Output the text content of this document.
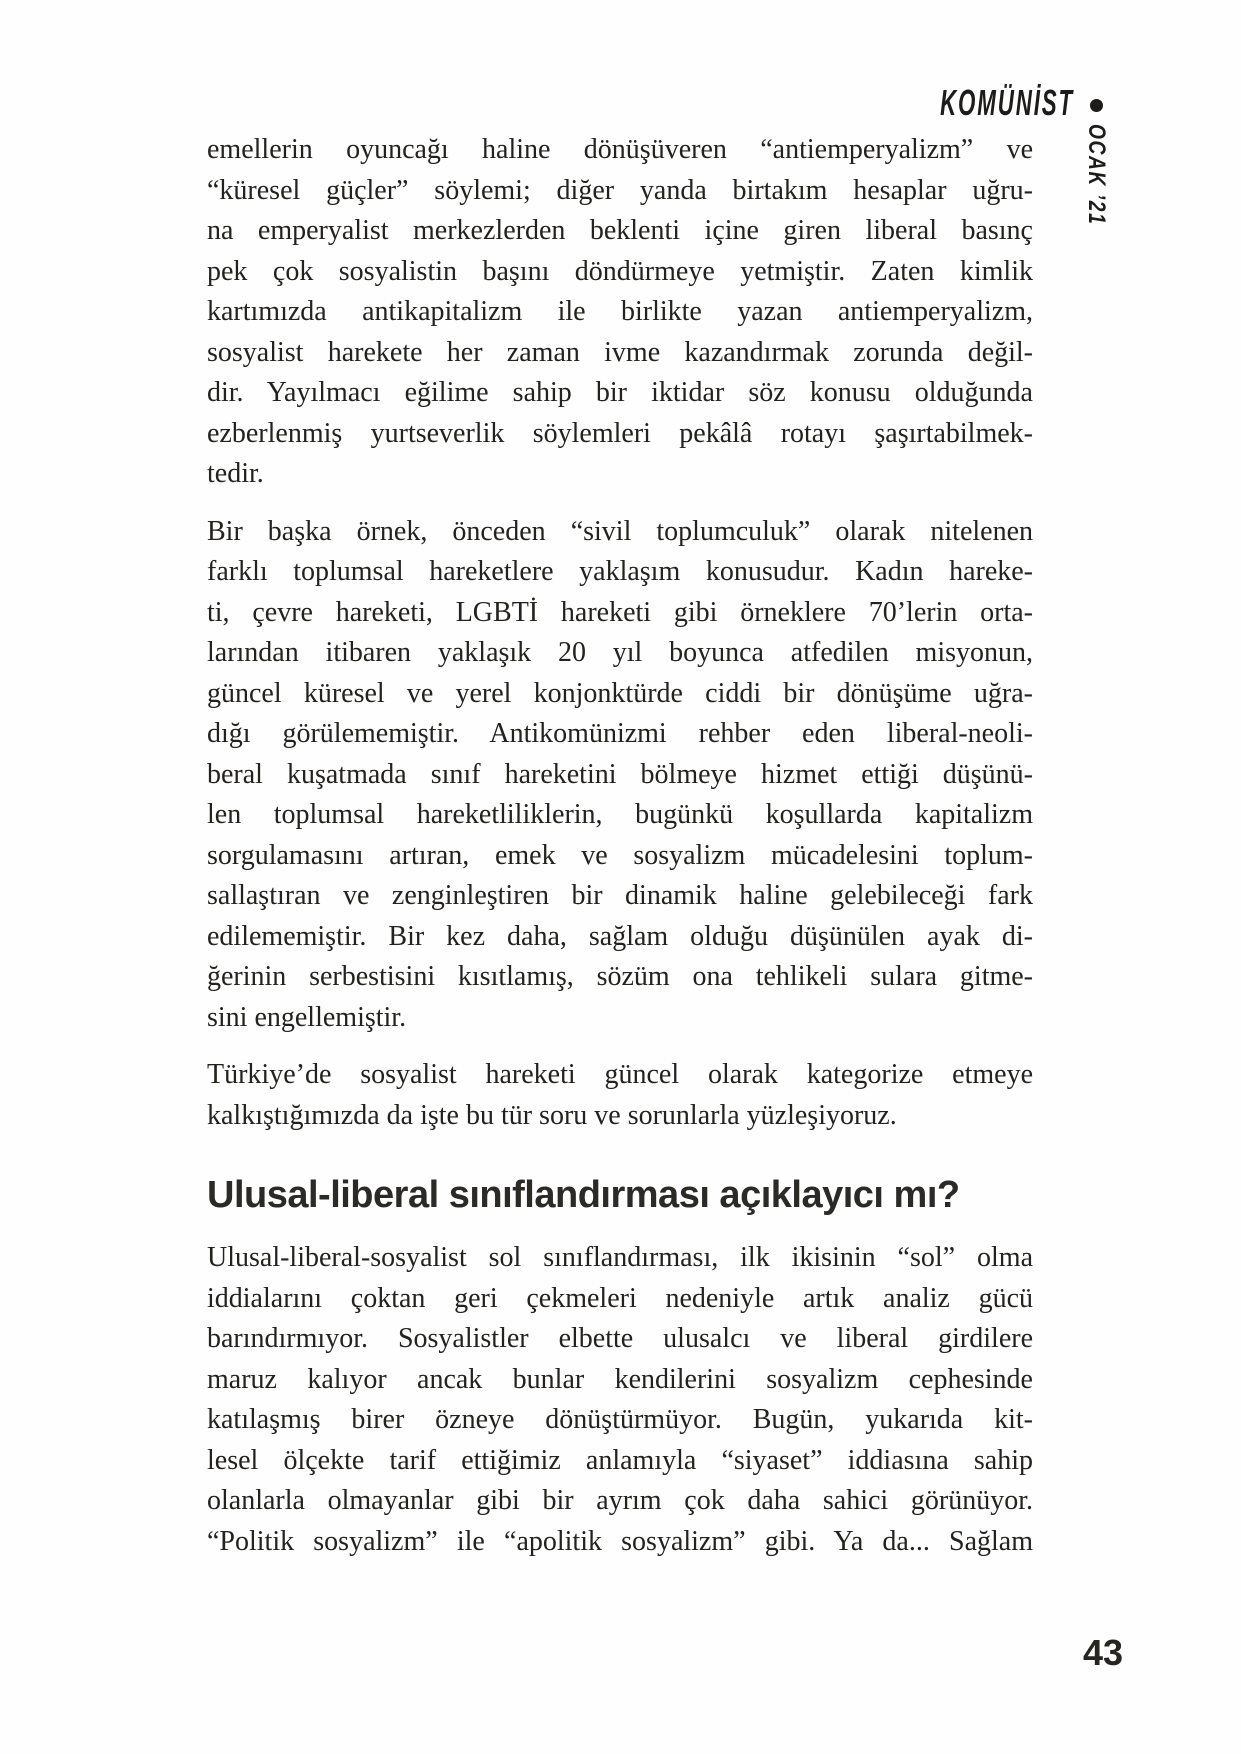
KOMÜNİST
OCAK ’21

emellerin oyuncağı haline dönüşüveren “antiemperyalizm” ve
“küresel güçler” söylemi; diğer yanda birtakım hesaplar uğru-
na emperyalist merkezlerden beklenti içine giren liberal basınç
pek çok sosyalistin başını döndürmeye yetmiştir. Zaten kimlik
kartımızda antikapitalizm ile birlikte yazan antiemperyalizm,
sosyalist harekete her zaman ivme kazandırmak zorunda değil-
dir. Yayılmacı eğilime sahip bir iktidar söz konusu olduğunda
ezberlenmiş yurtseverlik söylemleri pekâlâ rotayı şaşırtabilmek-
tedir.

Bir başka örnek, önceden “sivil toplumculuk” olarak nitelenen
farklı toplumsal hareketlere yaklaşım konusudur. Kadın hareke-
ti, çevre hareketi, LGBTİ hareketi gibi örneklere 70’lerin orta-
larından itibaren yaklaşık 20 yıl boyunca atfedilen misyonun,
güncel küresel ve yerel konjonktürde ciddi bir dönüşüme uğra-
dığı görülememiştir. Antikomünizmi rehber eden liberal-neoli-
beral kuşatmada sınıf hareketini bölmeye hizmet ettiği düşünü-
len toplumsal hareketliliklerin, bugünkü koşullarda kapitalizm
sorgulamasını artıran, emek ve sosyalizm mücadelesini toplum-
sallaştıran ve zenginleştiren bir dinamik haline gelebileceği fark
edilememiştir. Bir kez daha, sağlam olduğu düşünülen ayak di-
ğerinin serbestisini kısıtlamış, sözüm ona tehlikeli sulara gitme-
sini engellemiştir.

Türkiye’de sosyalist hareketi güncel olarak kategorize etmeye
kalkıştığımızda da işte bu tür soru ve sorunlarla yüzleşiyoruz.

Ulusal-liberal sınıflandırması açıklayıcı mı?

Ulusal-liberal-sosyalist sol sınıflandırması, ilk ikisinin “sol” olma
iddialarını çoktan geri çekmeleri nedeniyle artık analiz gücü
barındırmıyor. Sosyalistler elbette ulusalcı ve liberal girdilere
maruz kalıyor ancak bunlar kendilerini sosyalizm cephesinde
katılaşmış birer özneye dönüştürmüyor. Bugün, yukarıda kit-
lesel ölçekte tarif ettiğimiz anlamıyla “siyaset” iddiasına sahip
olanlarla olmayanlar gibi bir ayrım çok daha sahici görünüyor.
“Politik sosyalizm” ile “apolitik sosyalizm” gibi. Ya da... Sağlam

43
